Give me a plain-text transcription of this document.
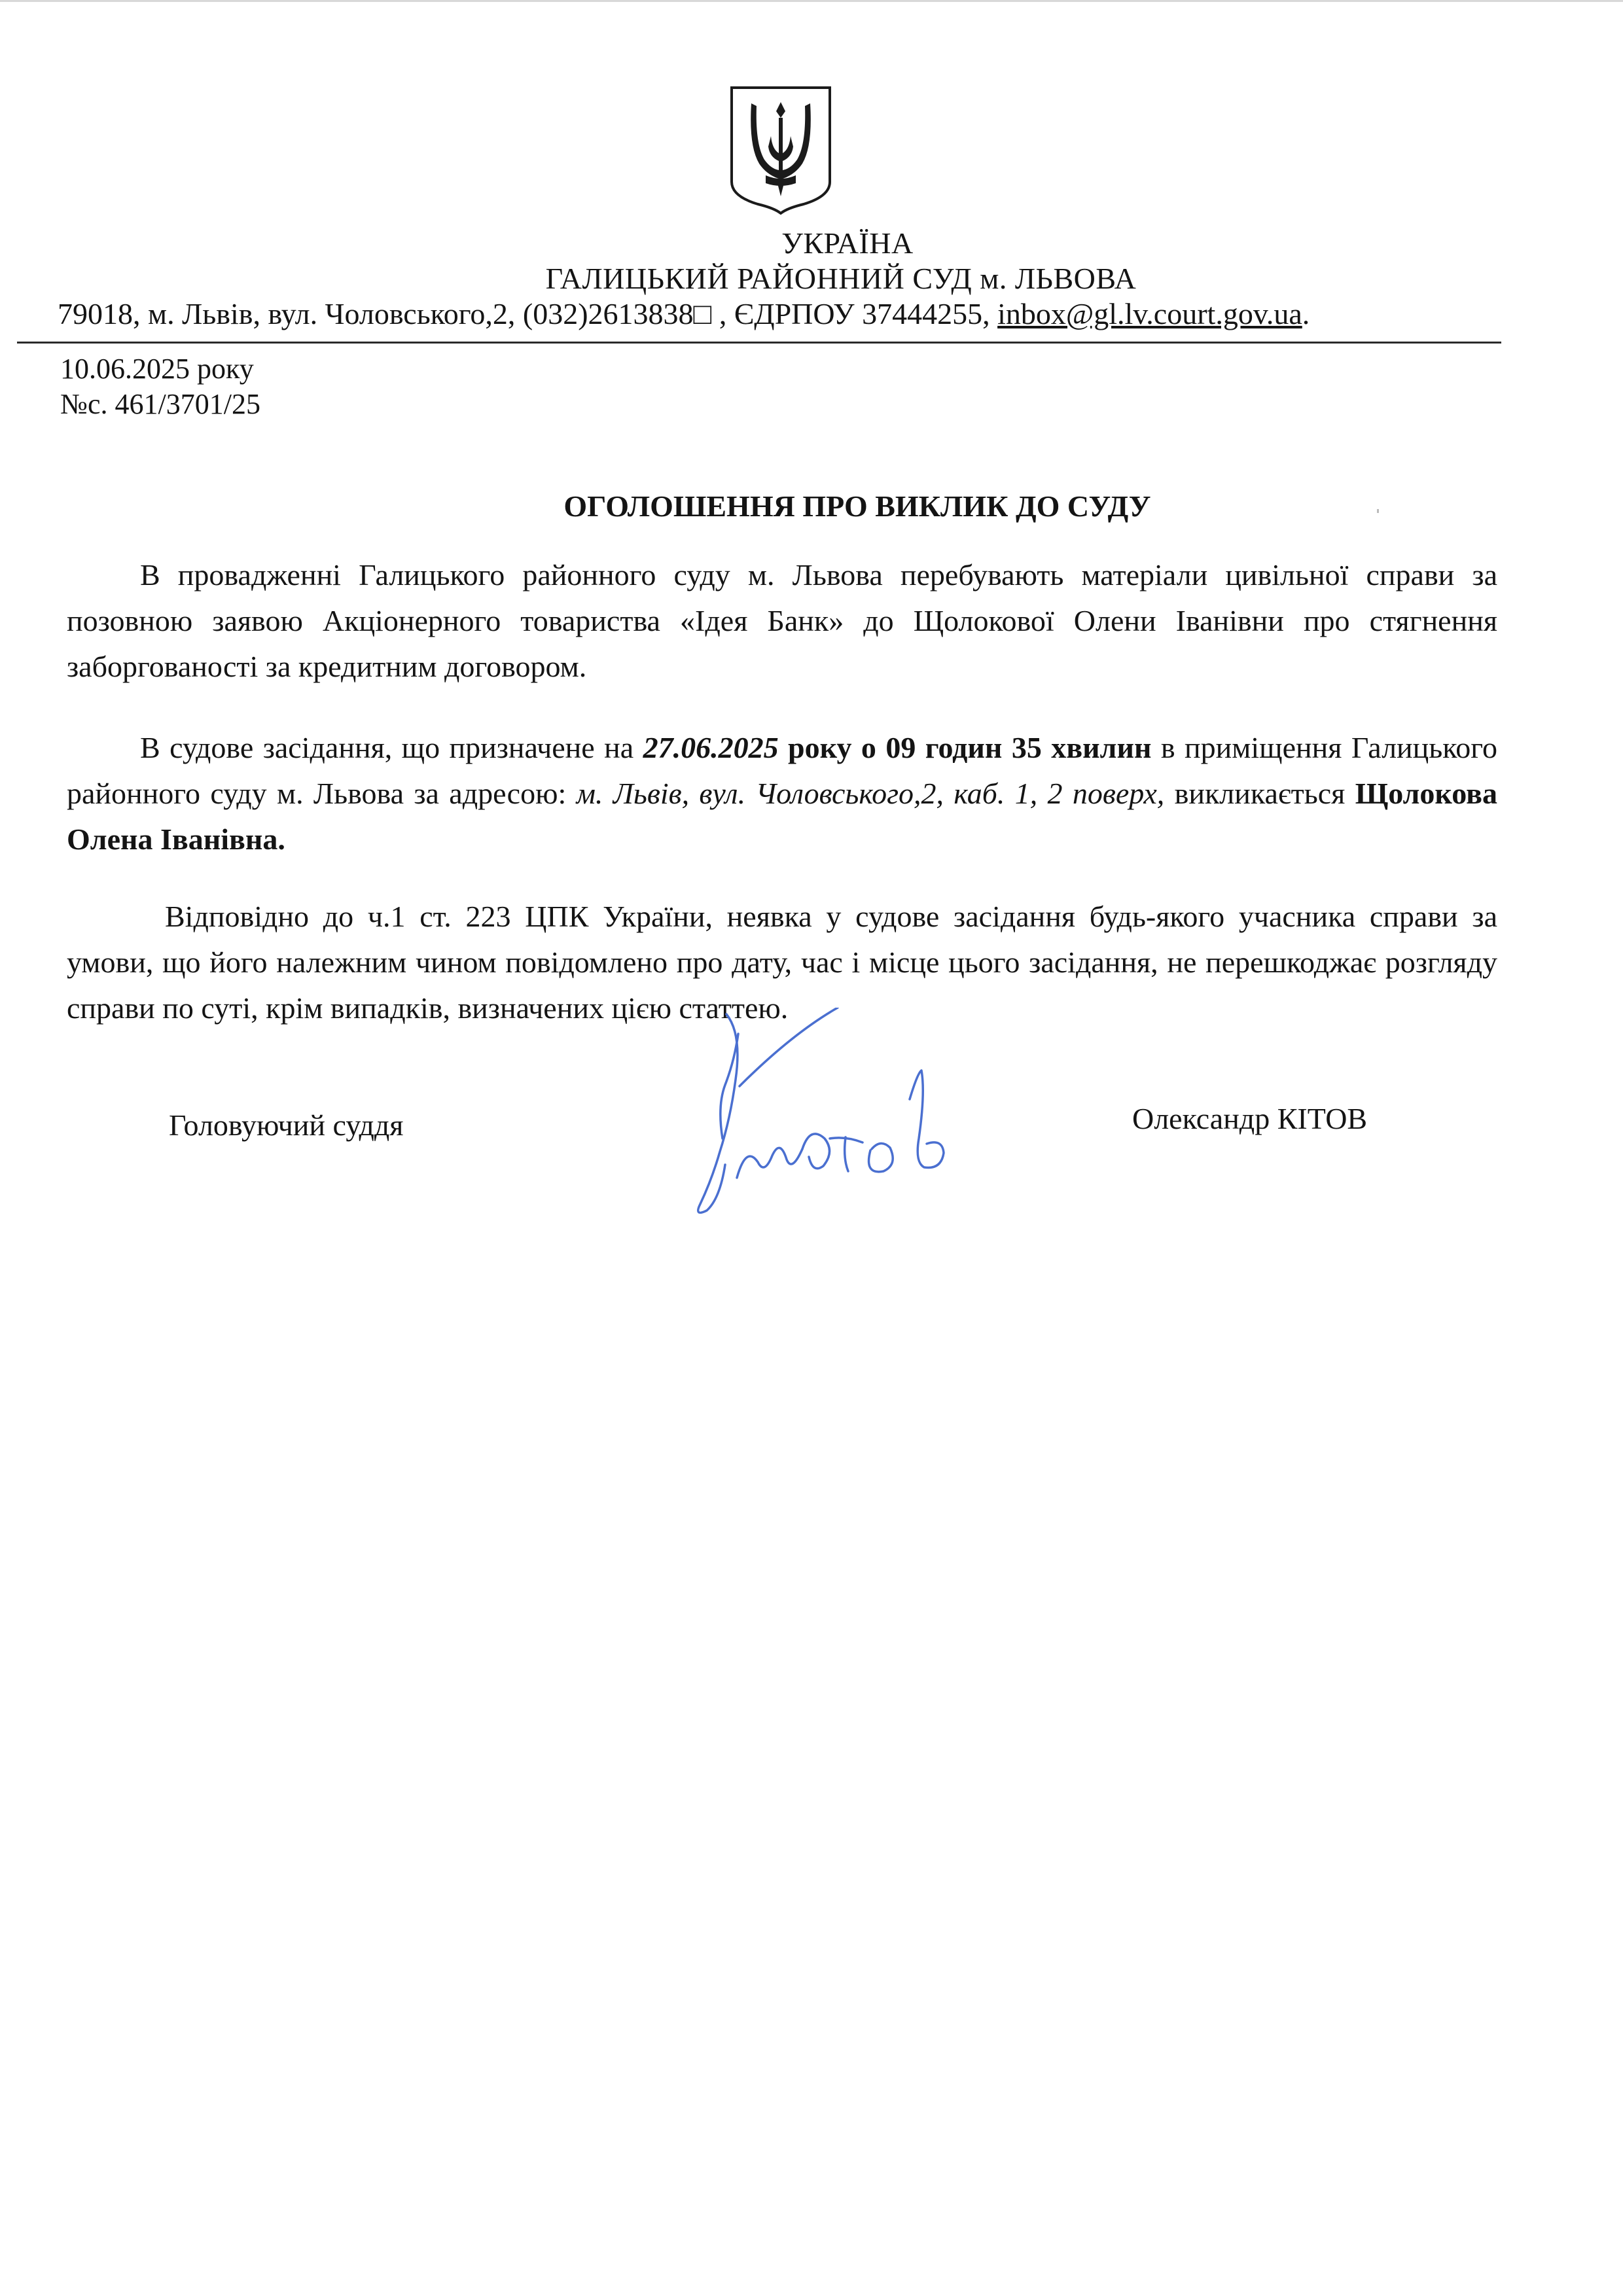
УКРАЇНА
ГАЛИЦЬКИЙ РАЙОННИЙ СУД м. ЛЬВОВА
79018, м. Львів, вул. Чоловського,2, (032)2613838□ , ЄДРПОУ 37444255, inbox@gl.lv.court.gov.ua.
10.06.2025 року
№с. 461/3701/25
ОГОЛОШЕННЯ ПРО ВИКЛИК ДО СУДУ

В провадженні Галицького районного суду м. Львова перебувають матеріали цивільної справи за позовною заявою Акціонерного товариства «Ідея Банк» до Щолокової Олени Іванівни про стягнення заборгованості за кредитним договором.

В судове засідання, що призначене на 27.06.2025 року о 09 годин 35 хвилин в приміщення Галицького районного суду м. Львова за адресою: м. Львів, вул. Чоловського,2, каб. 1, 2 поверх, викликається Щолокова Олена Іванівна.

Відповідно до ч.1 ст. 223 ЦПК України, неявка у судове засідання будь-якого учасника справи за умови, що його належним чином повідомлено про дату, час і місце цього засідання, не перешкоджає розгляду справи по суті, крім випадків, визначених цією статтею.

Головуючий суддя	Олександр КІТОВ
